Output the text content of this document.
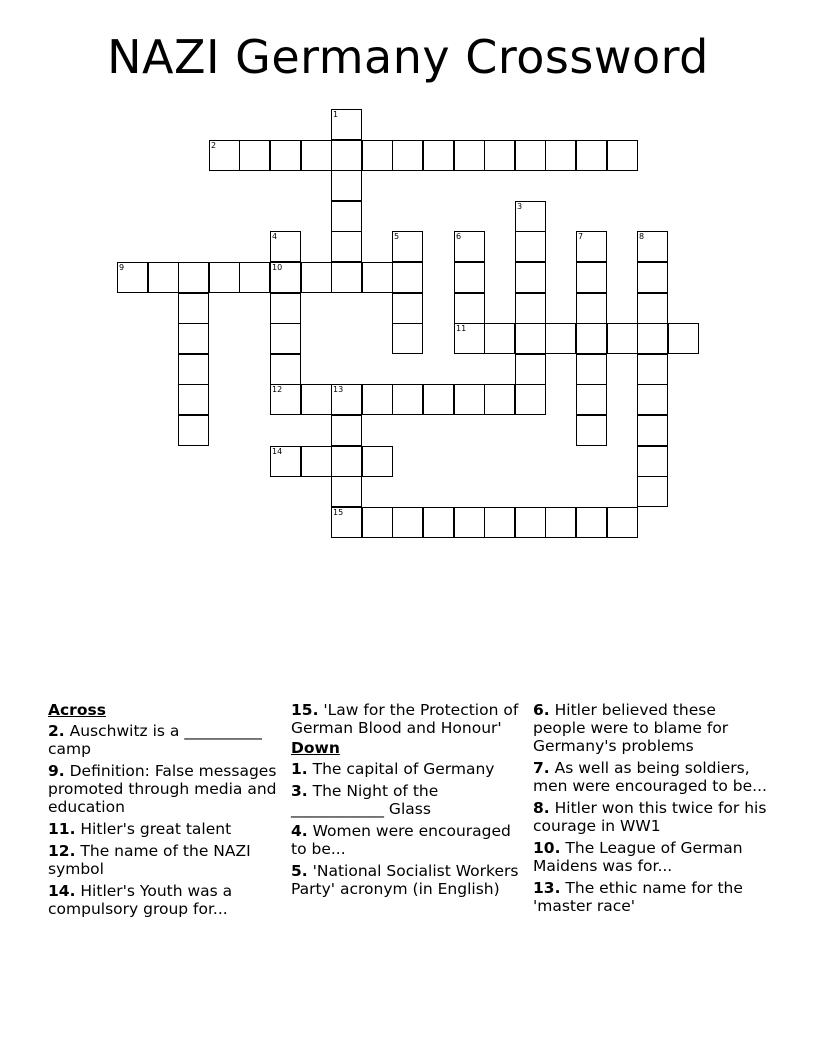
NAZI Germany Crossword
1
2
3
4	5	6	7	8
9	10
11
12	13
14
15
Across
2. Auschwitz is a __________ camp
9. Definition: False messages promoted through media and education
11. Hitler's great talent
12. The name of the NAZI symbol
14. Hitler's Youth was a compulsory group for...
15. 'Law for the Protection of German Blood and Honour'
Down
1. The capital of Germany
3. The Night of the ____________ Glass
4. Women were encouraged to be...
5. 'National Socialist Workers Party' acronym (in English)
6. Hitler believed these people were to blame for Germany's problems
7. As well as being soldiers, men were encouraged to be...
8. Hitler won this twice for his courage in WW1
10. The League of German Maidens was for...
13. The ethic name for the 'master race'
